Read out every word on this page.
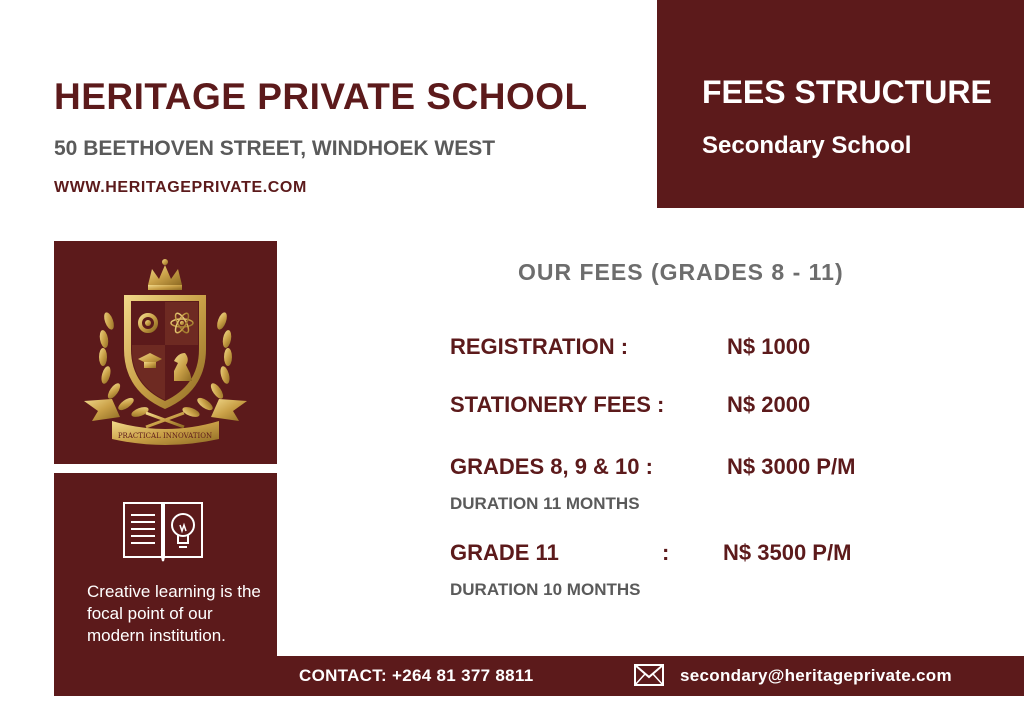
HERITAGE PRIVATE SCHOOL
50 BEETHOVEN STREET, WINDHOEK WEST
WWW.HERITAGEPRIVATE.COM
FEES STRUCTURE
Secondary School
PRACTICAL INNOVATION
Creative learning is the focal point of our modern institution.
OUR FEES (GRADES 8 - 11)
REGISTRATION :	N$ 1000
STATIONERY FEES :	N$ 2000
GRADES 8, 9 & 10 :	N$ 3000 P/M
DURATION 11 MONTHS
GRADE 11	: N$ 3500 P/M
DURATION 10 MONTHS
CONTACT: +264 81 377 8811	secondary@heritageprivate.com
